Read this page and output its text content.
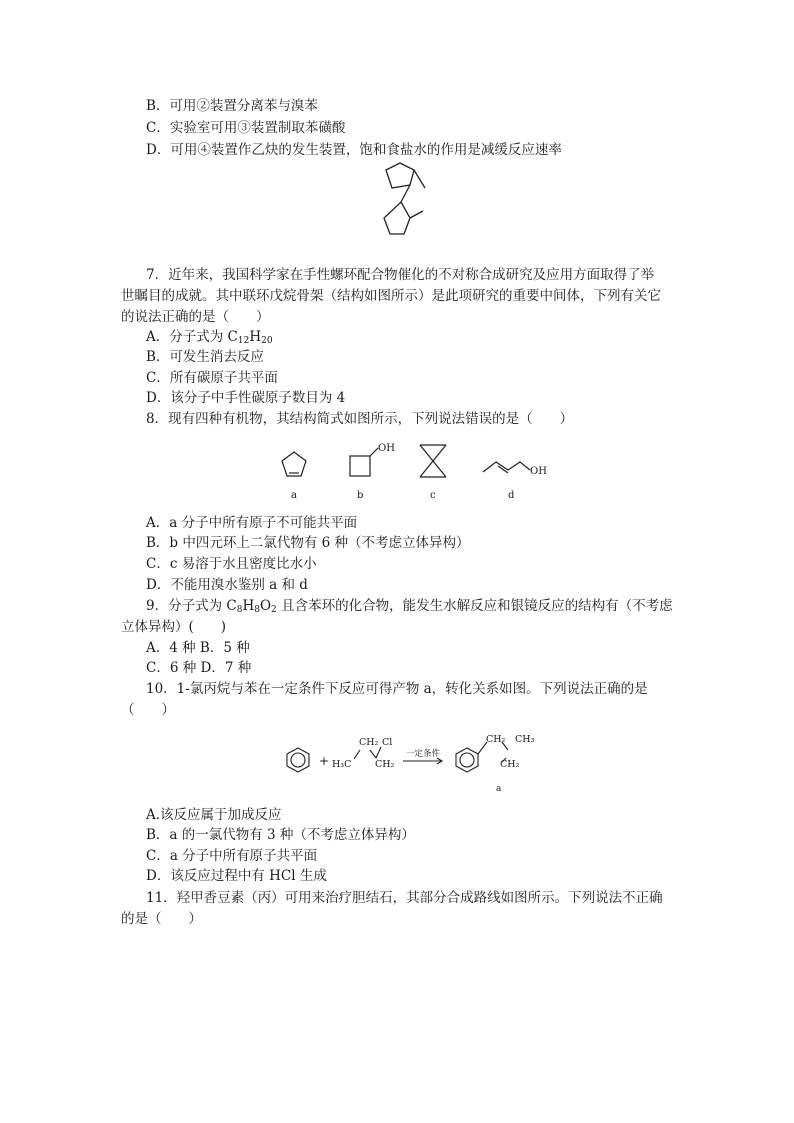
B．可用②装置分离苯与溴苯
C．实验室可用③装置制取苯磺酸
D．可用④装置作乙炔的发生装置，饱和食盐水的作用是减缓反应速率
7．近年来，我国科学家在手性螺环配合物催化的不对称合成研究及应用方面取得了举
世瞩目的成就。其中联环戊烷骨架（结构如图所示）是此项研究的重要中间体，下列有关它
的说法正确的是（　　）
A．分子式为 $C_{12}H_{20}$
B．可发生消去反应
C．所有碳原子共平面
D．该分子中手性碳原子数目为 4
8．现有四种有机物，其结构简式如图所示，下列说法错误的是（　　）
OH
OH
a	b	c	d
A．a 分子中所有原子不可能共平面
B．b 中四元环上二氯代物有 6 种（不考虑立体异构）
C．c 易溶于水且密度比水小
D．不能用溴水鉴别 a 和 d
9．分子式为 $C_8H_8O_2$ 且含苯环的化合物，能发生水解反应和银镜反应的结构有（不考虑
立体异构）(　　)
A．4 种 B．5 种
C．6 种 D．7 种
10．1-氯丙烷与苯在一定条件下反应可得产物 a，转化关系如图。下列说法正确的是
（　　）
+ H₃C
CH₂ Cl
CH₂
一定条件
CH₂ CH₃
CH₂
a
A.该反应属于加成反应
B．a 的一氯代物有 3 种（不考虑立体异构）
C．a 分子中所有原子共平面
D．该反应过程中有 HCl 生成
11．羟甲香豆素（丙）可用来治疗胆结石，其部分合成路线如图所示。下列说法不正确
的是（　　）
